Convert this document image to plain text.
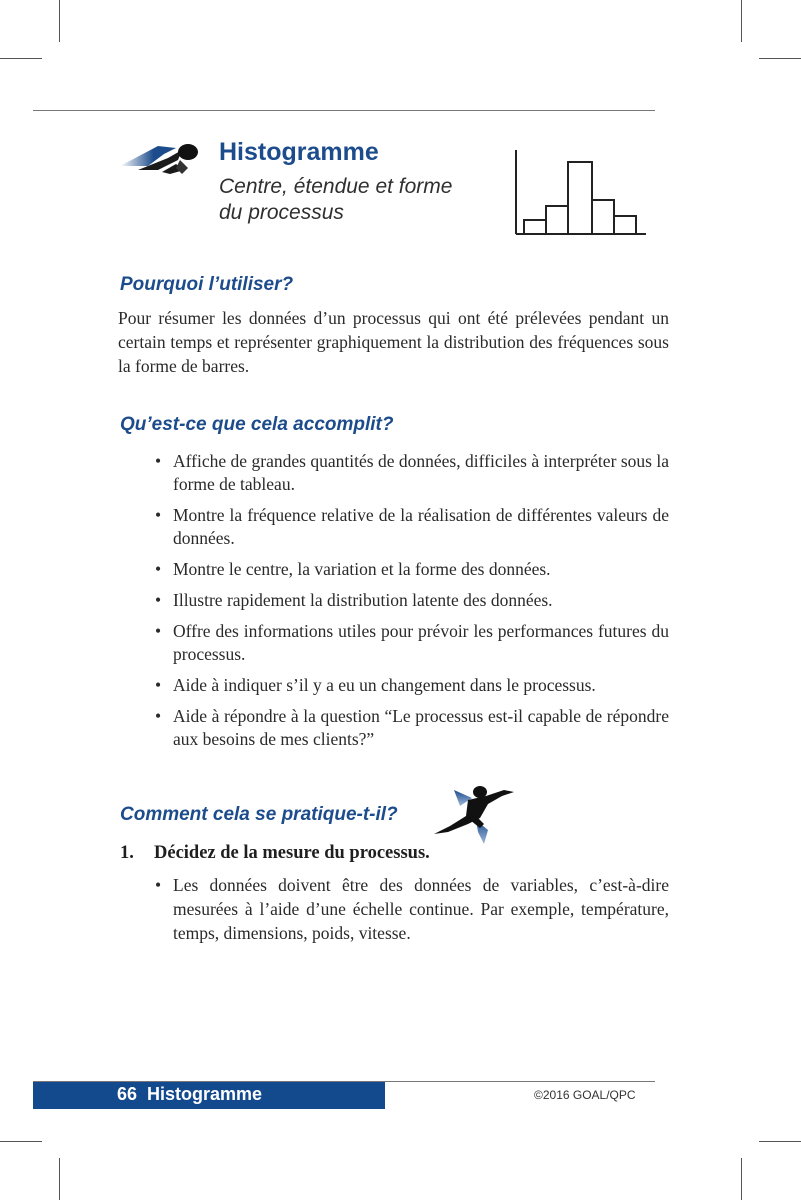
Histogramme

Centre, étendue et forme du processus

Pourquoi l’utiliser?

Pour résumer les données d’un processus qui ont été prélevées pendant un certain temps et représenter graphiquement la distribution des fréquences sous la forme de barres.

Qu’est-ce que cela accomplit?
• Affiche de grandes quantités de données, difficiles à interpréter sous la forme de tableau.
• Montre la fréquence relative de la réalisation de différentes valeurs de données.
• Montre le centre, la variation et la forme des données.
• Illustre rapidement la distribution latente des données.
• Offre des informations utiles pour prévoir les performances futures du processus.
• Aide à indiquer s’il y a eu un changement dans le processus.
• Aide à répondre à la question “Le processus est-il capable de répondre aux besoins de mes clients?”
Comment cela se pratique-t-il?

1. Décidez de la mesure du processus.

• Les données doivent être des données de variables, c’est-à-dire mesurées à l’aide d’une échelle continue. Par exemple, température, temps, dimensions, poids, vitesse.
66  Histogramme	©2016 GOAL/QPC
